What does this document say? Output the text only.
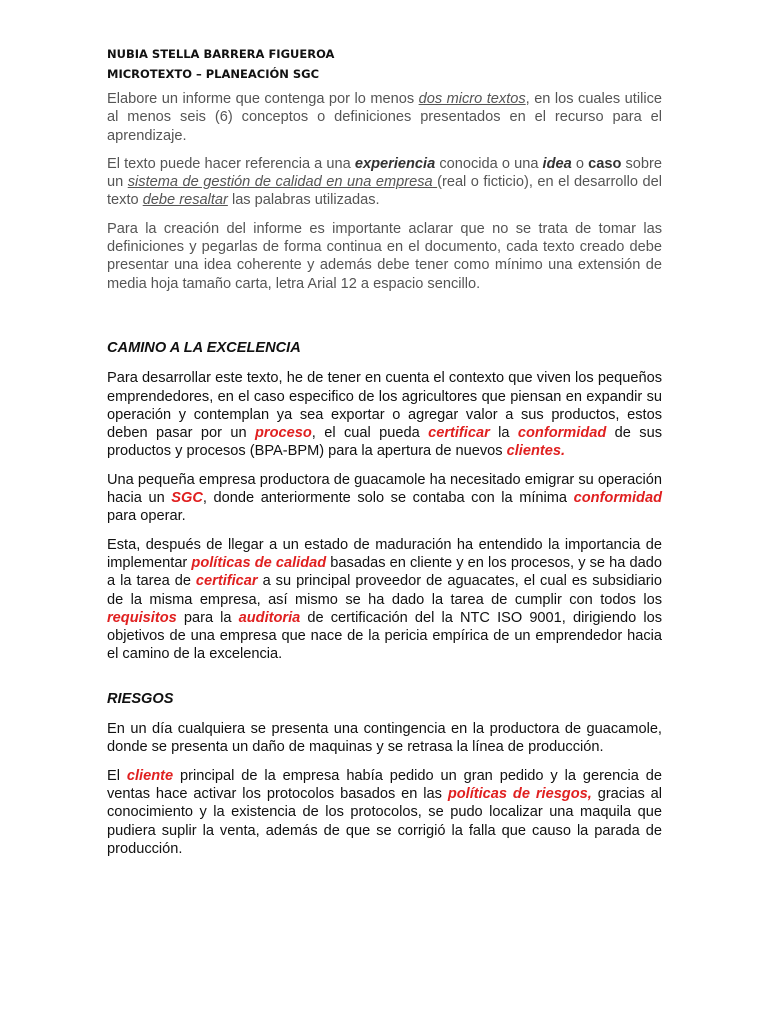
NUBIA STELLA BARRERA FIGUEROA
MICROTEXTO – PLANEACIÓN SGC

Elabore un informe que contenga por lo menos dos micro textos, en los cuales utilice al menos seis (6) conceptos o definiciones presentados en el recurso para el aprendizaje.

El texto puede hacer referencia a una experiencia conocida o una idea o caso sobre un sistema de gestión de calidad en una empresa (real o ficticio), en el desarrollo del texto debe resaltar las palabras utilizadas.

Para la creación del informe es importante aclarar que no se trata de tomar las definiciones y pegarlas de forma continua en el documento, cada texto creado debe presentar una idea coherente y además debe tener como mínimo una extensión de media hoja tamaño carta, letra Arial 12 a espacio sencillo.

CAMINO A LA EXCELENCIA

Para desarrollar este texto, he de tener en cuenta el contexto que viven los pequeños emprendedores, en el caso especifico de los agricultores que piensan en expandir su operación y contemplan ya sea exportar o agregar valor a sus productos, estos deben pasar por un proceso, el cual pueda certificar la conformidad de sus productos y procesos (BPA-BPM) para la apertura de nuevos clientes.

Una pequeña empresa productora de guacamole ha necesitado emigrar su operación hacia un SGC, donde anteriormente solo se contaba con la mínima conformidad para operar.

Esta, después de llegar a un estado de maduración ha entendido la importancia de implementar políticas de calidad basadas en cliente y en los procesos, y se ha dado a la tarea de certificar a su principal proveedor de aguacates, el cual es subsidiario de la misma empresa, así mismo se ha dado la tarea de cumplir con todos los requisitos para la auditoria de certificación del la NTC ISO 9001, dirigiendo los objetivos de una empresa que nace de la pericia empírica de un emprendedor hacia el camino de la excelencia.

RIESGOS

En un día cualquiera se presenta una contingencia en la productora de guacamole, donde se presenta un daño de maquinas y se retrasa la línea de producción.

El cliente principal de la empresa había pedido un gran pedido y la gerencia de ventas hace activar los protocolos basados en las políticas de riesgos, gracias al conocimiento y la existencia de los protocolos, se pudo localizar una maquila que pudiera suplir la venta, además de que se corrigió la falla que causo la parada de producción.
